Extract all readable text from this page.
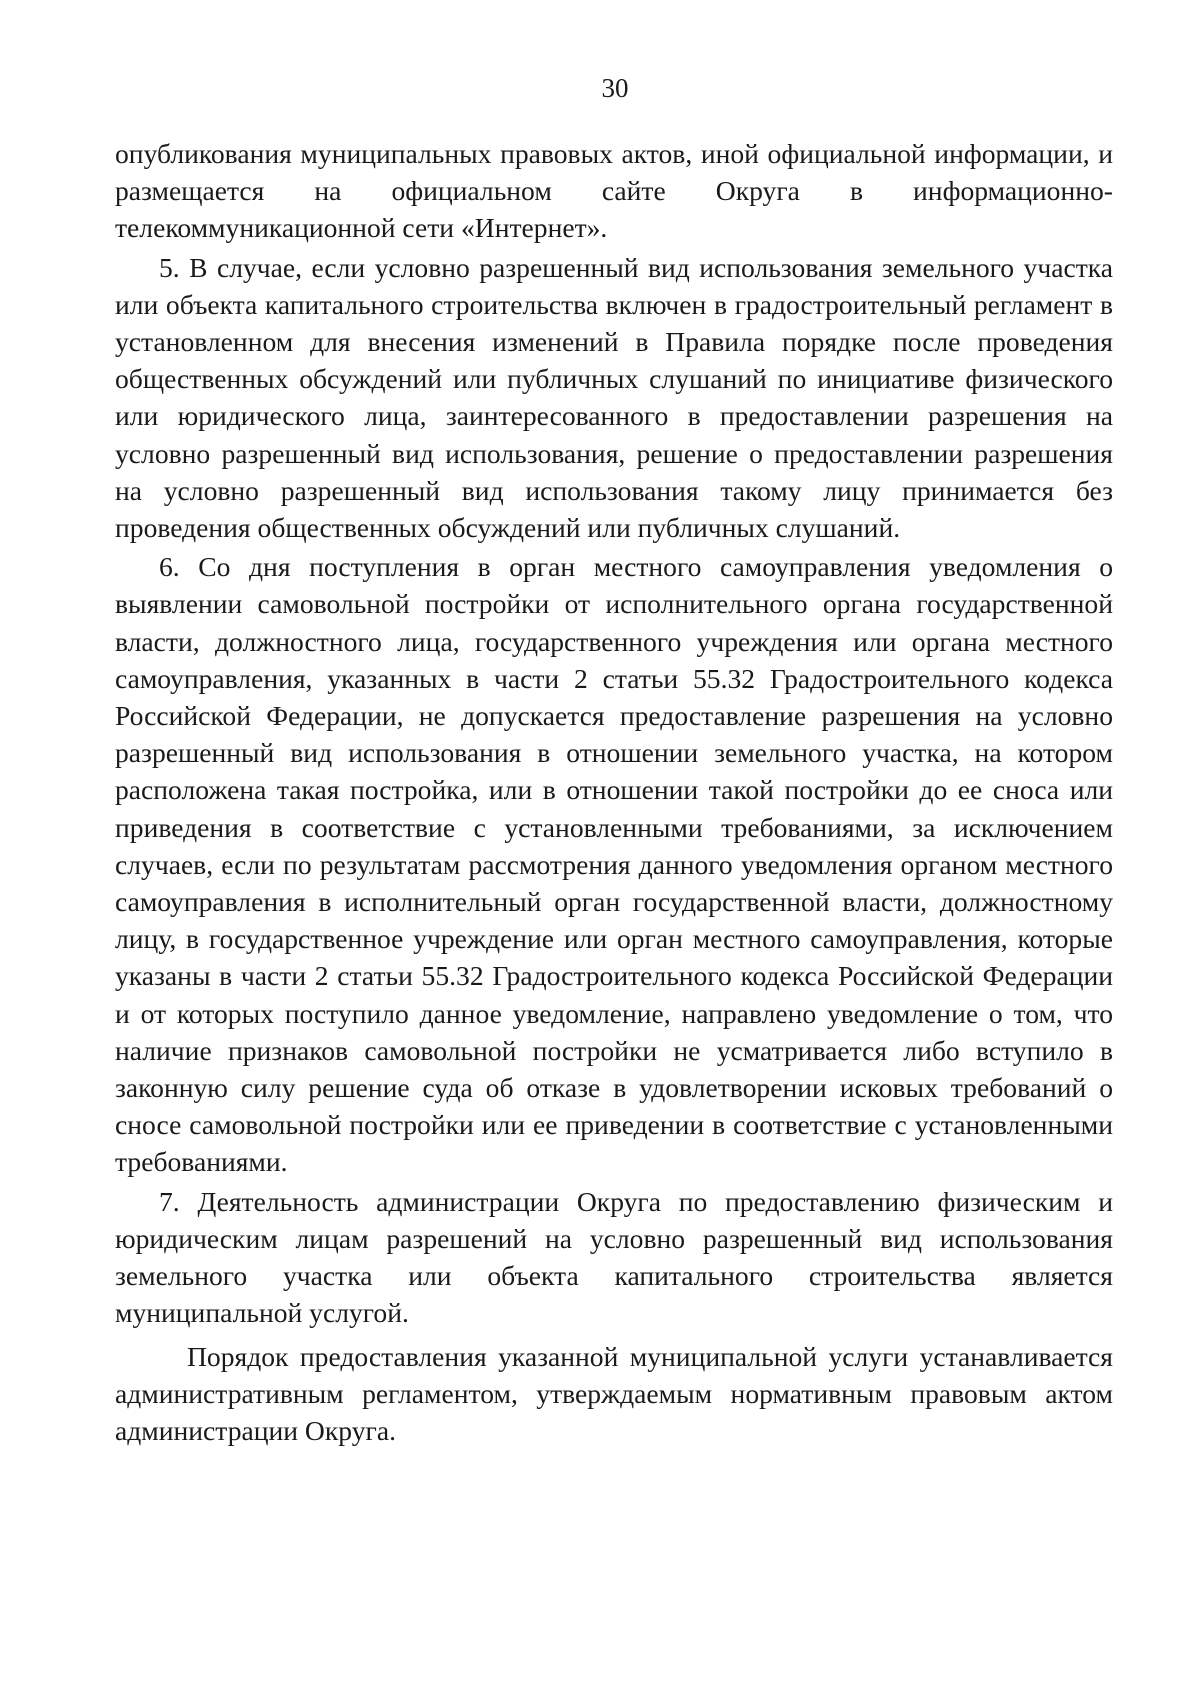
30

опубликования муниципальных правовых актов, иной официальной информации, и размещается на официальном сайте Округа в информационно-телекоммуникационной сети «Интернет».

5. В случае, если условно разрешенный вид использования земельного участка или объекта капитального строительства включен в градостроительный регламент в установленном для внесения изменений в Правила порядке после проведения общественных обсуждений или публичных слушаний по инициативе физического или юридического лица, заинтересованного в предоставлении разрешения на условно разрешенный вид использования, решение о предоставлении разрешения на условно разрешенный вид использования такому лицу принимается без проведения общественных обсуждений или публичных слушаний.

6. Со дня поступления в орган местного самоуправления уведомления о выявлении самовольной постройки от исполнительного органа государственной власти, должностного лица, государственного учреждения или органа местного самоуправления, указанных в части 2 статьи 55.32 Градостроительного кодекса Российской Федерации, не допускается предоставление разрешения на условно разрешенный вид использования в отношении земельного участка, на котором расположена такая постройка, или в отношении такой постройки до ее сноса или приведения в соответствие с установленными требованиями, за исключением случаев, если по результатам рассмотрения данного уведомления органом местного самоуправления в исполнительный орган государственной власти, должностному лицу, в государственное учреждение или орган местного самоуправления, которые указаны в части 2 статьи 55.32 Градостроительного кодекса Российской Федерации и от которых поступило данное уведомление, направлено уведомление о том, что наличие признаков самовольной постройки не усматривается либо вступило в законную силу решение суда об отказе в удовлетворении исковых требований о сносе самовольной постройки или ее приведении в соответствие с установленными требованиями.

7. Деятельность администрации Округа по предоставлению физическим и юридическим лицам разрешений на условно разрешенный вид использования земельного участка или объекта капитального строительства является муниципальной услугой.

Порядок предоставления указанной муниципальной услуги устанавливается административным регламентом, утверждаемым нормативным правовым актом администрации Округа.
